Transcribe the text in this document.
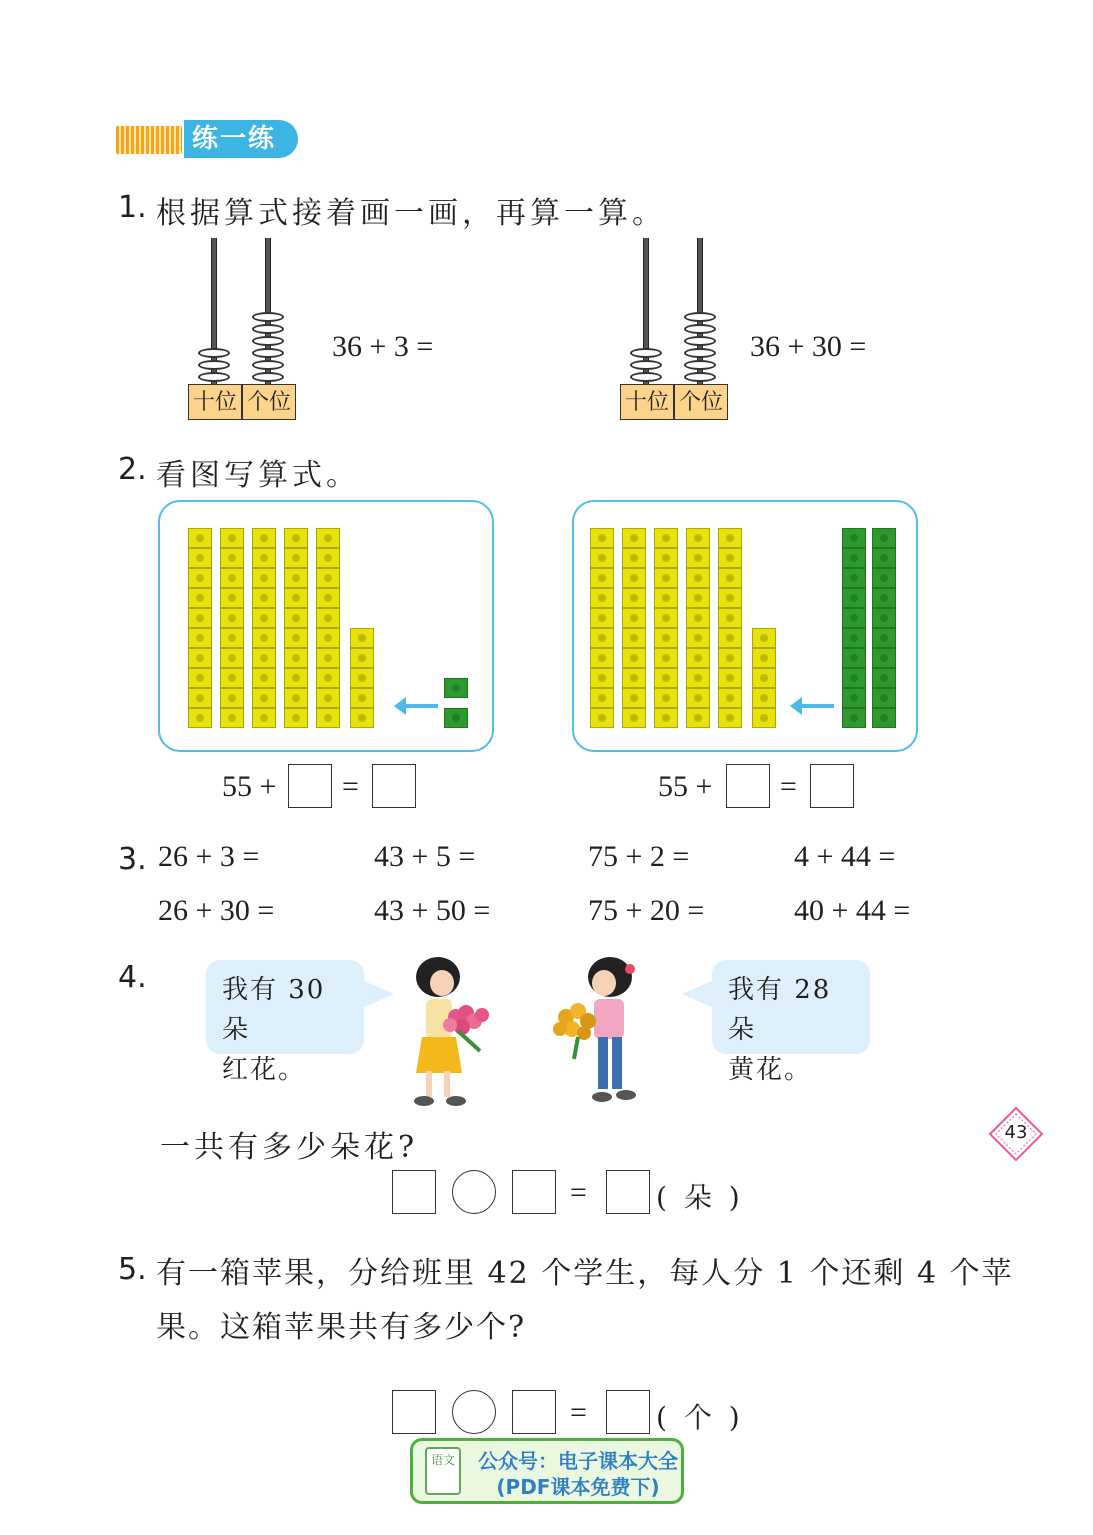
练一练
1. 根据算式接着画一画，再算一算。
十位 个位
36 + 3 =
十位 个位
36 + 30 =
2. 看图写算式。
55 + =	55 + =
3. 26 + 3 =	43 + 5 =	75 + 2 =	4 + 44 =
26 + 30 =	43 + 50 =	75 + 20 =	40 + 44 =
4.	我有 30 朵
红花。
我有 28 朵
黄花。
一共有多少朵花?
= ( 朵 )
5. 有一箱苹果，分给班里 42 个学生，每人分 1 个还剩 4 个苹
果。这箱苹果共有多少个?
= ( 个 )
语文	公众号：电子课本大全
(PDF课本免费下)
43
